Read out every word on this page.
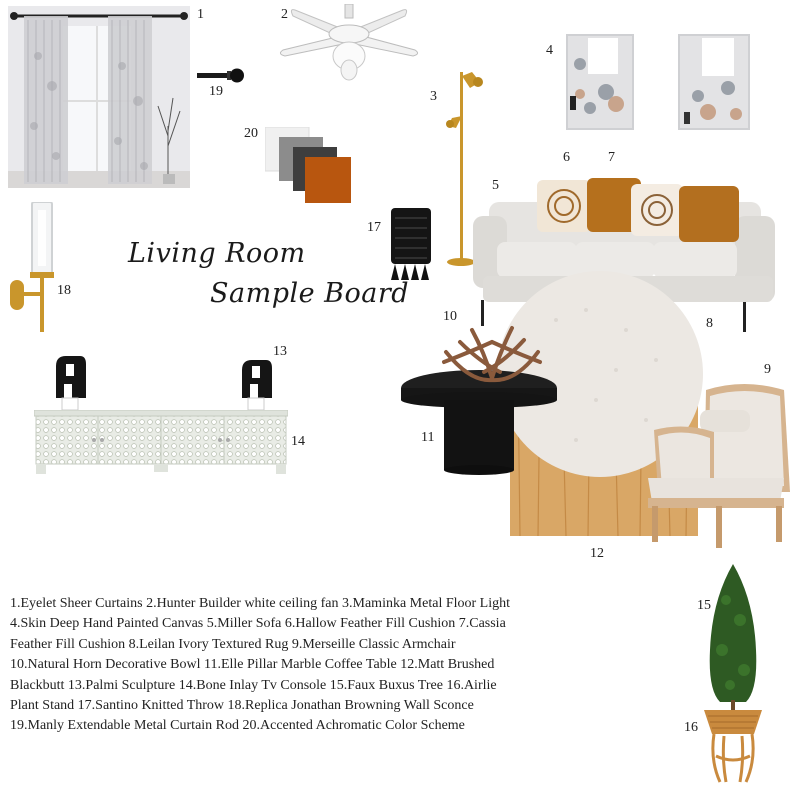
1	2
19
20
3
4
5
6	7
17
Living Room
Sample Board
18
8
12
10
11
9
13
14
15
16
1.Eyelet Sheer Curtains 2.Hunter Builder white ceiling fan 3.Maminka Metal Floor Light 4.Skin Deep Hand Painted Canvas 5.Miller Sofa 6.Hallow Feather Fill Cushion 7.Cassia Feather Fill Cushion 8.Leilan Ivory Textured Rug 9.Merseille Classic Armchair 10.Natural Horn Decorative Bowl 11.Elle Pillar Marble Coffee Table 12.Matt Brushed Blackbutt 13.Palmi Sculpture 14.Bone Inlay Tv Console 15.Faux Buxus Tree 16.Airlie Plant Stand 17.Santino Knitted Throw 18.Replica Jonathan Browning Wall Sconce 19.Manly Extendable Metal Curtain Rod 20.Accented Achromatic Color Scheme
